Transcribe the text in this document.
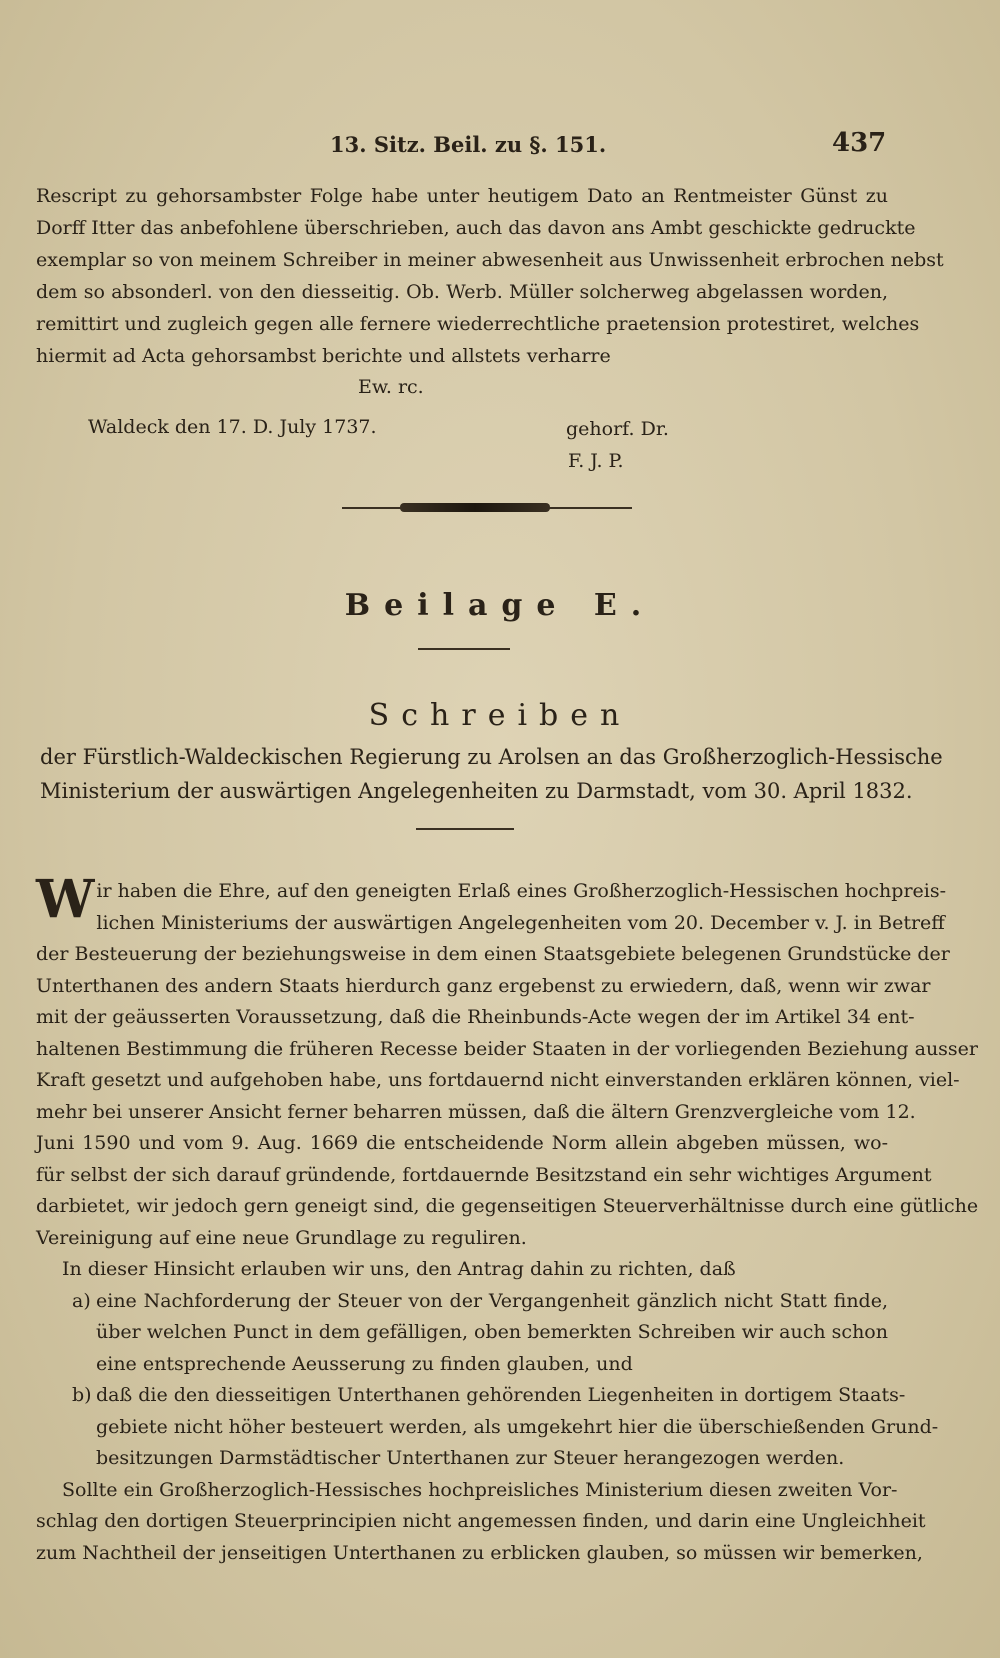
13. Sitz. Beil. zu §. 151.	437
Rescript zu gehorsambster Folge habe unter heutigem Dato an Rentmeister Günst zu
Dorff Itter das anbefohlene überschrieben, auch das davon ans Ambt geschickte gedruckte
exemplar so von meinem Schreiber in meiner abwesenheit aus Unwissenheit erbrochen nebst
dem so absonderl. von den diesseitig. Ob. Werb. Müller solcherweg abgelassen worden,
remittirt und zugleich gegen alle fernere wiederrechtliche praetension protestiret, welches
hiermit ad Acta gehorsambst berichte und allstets verharre
Ew. rc.
Waldeck den 17. D. July 1737.	gehorf. Dr.
F. J. P.
Beilage E.
Schreiben
der Fürstlich-Waldeckischen Regierung zu Arolsen an das Großherzoglich-Hessische
Ministerium der auswärtigen Angelegenheiten zu Darmstadt, vom 30. April 1832.
W ir haben die Ehre, auf den geneigten Erlaß eines Großherzoglich-Hessischen hochpreis-
lichen Ministeriums der auswärtigen Angelegenheiten vom 20. December v. J. in Betreff
der Besteuerung der beziehungsweise in dem einen Staatsgebiete belegenen Grundstücke der
Unterthanen des andern Staats hierdurch ganz ergebenst zu erwiedern, daß, wenn wir zwar
mit der geäusserten Voraussetzung, daß die Rheinbunds-Acte wegen der im Artikel 34 ent-
haltenen Bestimmung die früheren Recesse beider Staaten in der vorliegenden Beziehung ausser
Kraft gesetzt und aufgehoben habe, uns fortdauernd nicht einverstanden erklären können, viel-
mehr bei unserer Ansicht ferner beharren müssen, daß die ältern Grenzvergleiche vom 12.
Juni 1590 und vom 9. Aug. 1669 die entscheidende Norm allein abgeben müssen, wo-
für selbst der sich darauf gründende, fortdauernde Besitzstand ein sehr wichtiges Argument
darbietet, wir jedoch gern geneigt sind, die gegenseitigen Steuerverhältnisse durch eine gütliche
Vereinigung auf eine neue Grundlage zu reguliren.
In dieser Hinsicht erlauben wir uns, den Antrag dahin zu richten, daß
a) eine Nachforderung der Steuer von der Vergangenheit gänzlich nicht Statt finde,
über welchen Punct in dem gefälligen, oben bemerkten Schreiben wir auch schon
eine entsprechende Aeusserung zu finden glauben, und
b) daß die den diesseitigen Unterthanen gehörenden Liegenheiten in dortigem Staats-
gebiete nicht höher besteuert werden, als umgekehrt hier die überschießenden Grund-
besitzungen Darmstädtischer Unterthanen zur Steuer herangezogen werden.
Sollte ein Großherzoglich-Hessisches hochpreisliches Ministerium diesen zweiten Vor-
schlag den dortigen Steuerprincipien nicht angemessen finden, und darin eine Ungleichheit
zum Nachtheil der jenseitigen Unterthanen zu erblicken glauben, so müssen wir bemerken,
